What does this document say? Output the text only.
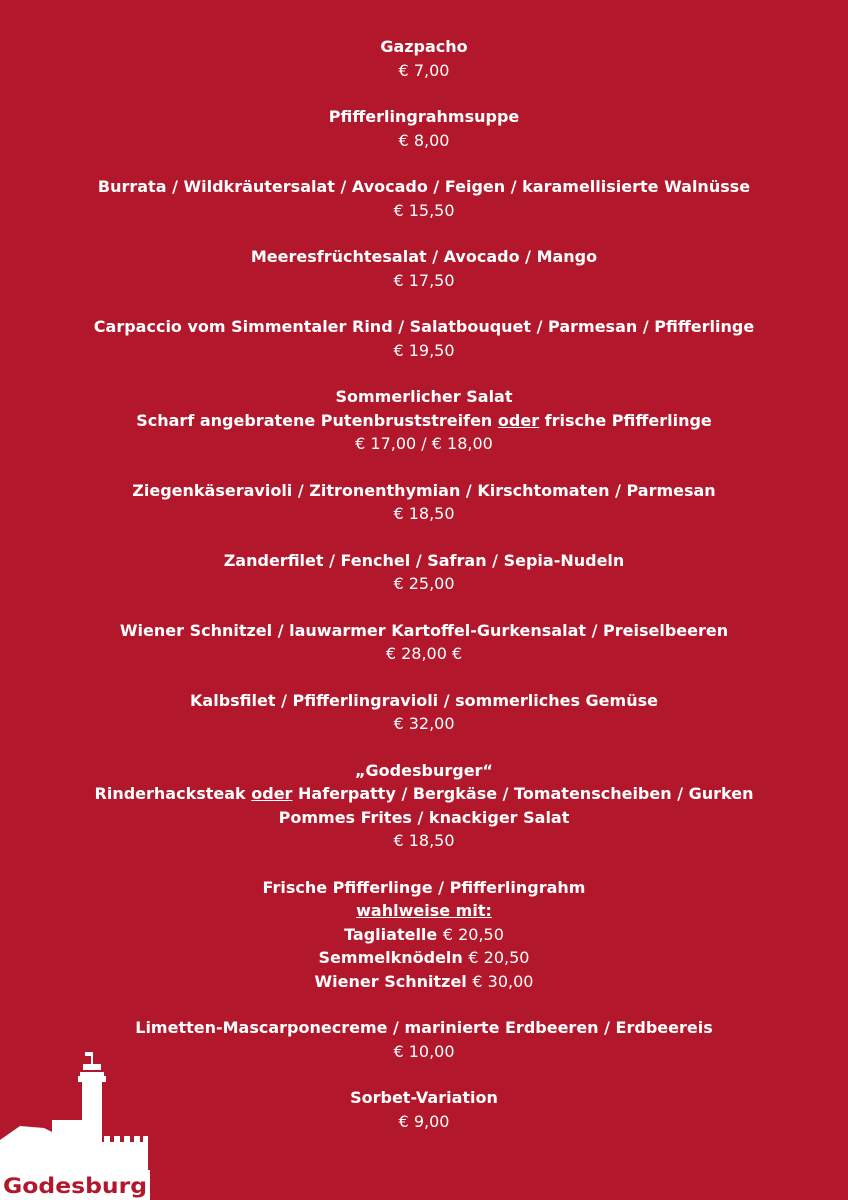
Gazpacho
€ 7,00
Pfifferlingrahmsuppe
€ 8,00
Burrata / Wildkräutersalat / Avocado / Feigen / karamellisierte Walnüsse
€ 15,50
Meeresfrüchtesalat / Avocado / Mango
€ 17,50
Carpaccio vom Simmentaler Rind / Salatbouquet / Parmesan / Pfifferlinge
€ 19,50
Sommerlicher Salat
Scharf angebratene Putenbruststreifen oder frische Pfifferlinge
€ 17,00 / € 18,00
Ziegenkäseravioli / Zitronenthymian / Kirschtomaten / Parmesan
€ 18,50
Zanderfilet / Fenchel / Safran / Sepia-Nudeln
€ 25,00
Wiener Schnitzel / lauwarmer Kartoffel-Gurkensalat / Preiselbeeren
€ 28,00 €
Kalbsfilet / Pfifferlingravioli / sommerliches Gemüse
€ 32,00
„Godesburger“
Rinderhacksteak oder Haferpatty / Bergkäse / Tomatenscheiben / Gurken
Pommes Frites / knackiger Salat
€ 18,50
Frische Pfifferlinge / Pfifferlingrahm
wahlweise mit:
Tagliatelle € 20,50
Semmelknödeln € 20,50
Wiener Schnitzel € 30,00
Limetten-Mascarponecreme / marinierte Erdbeeren / Erdbeereis
€ 10,00
Sorbet-Variation
€ 9,00
Godesburg
